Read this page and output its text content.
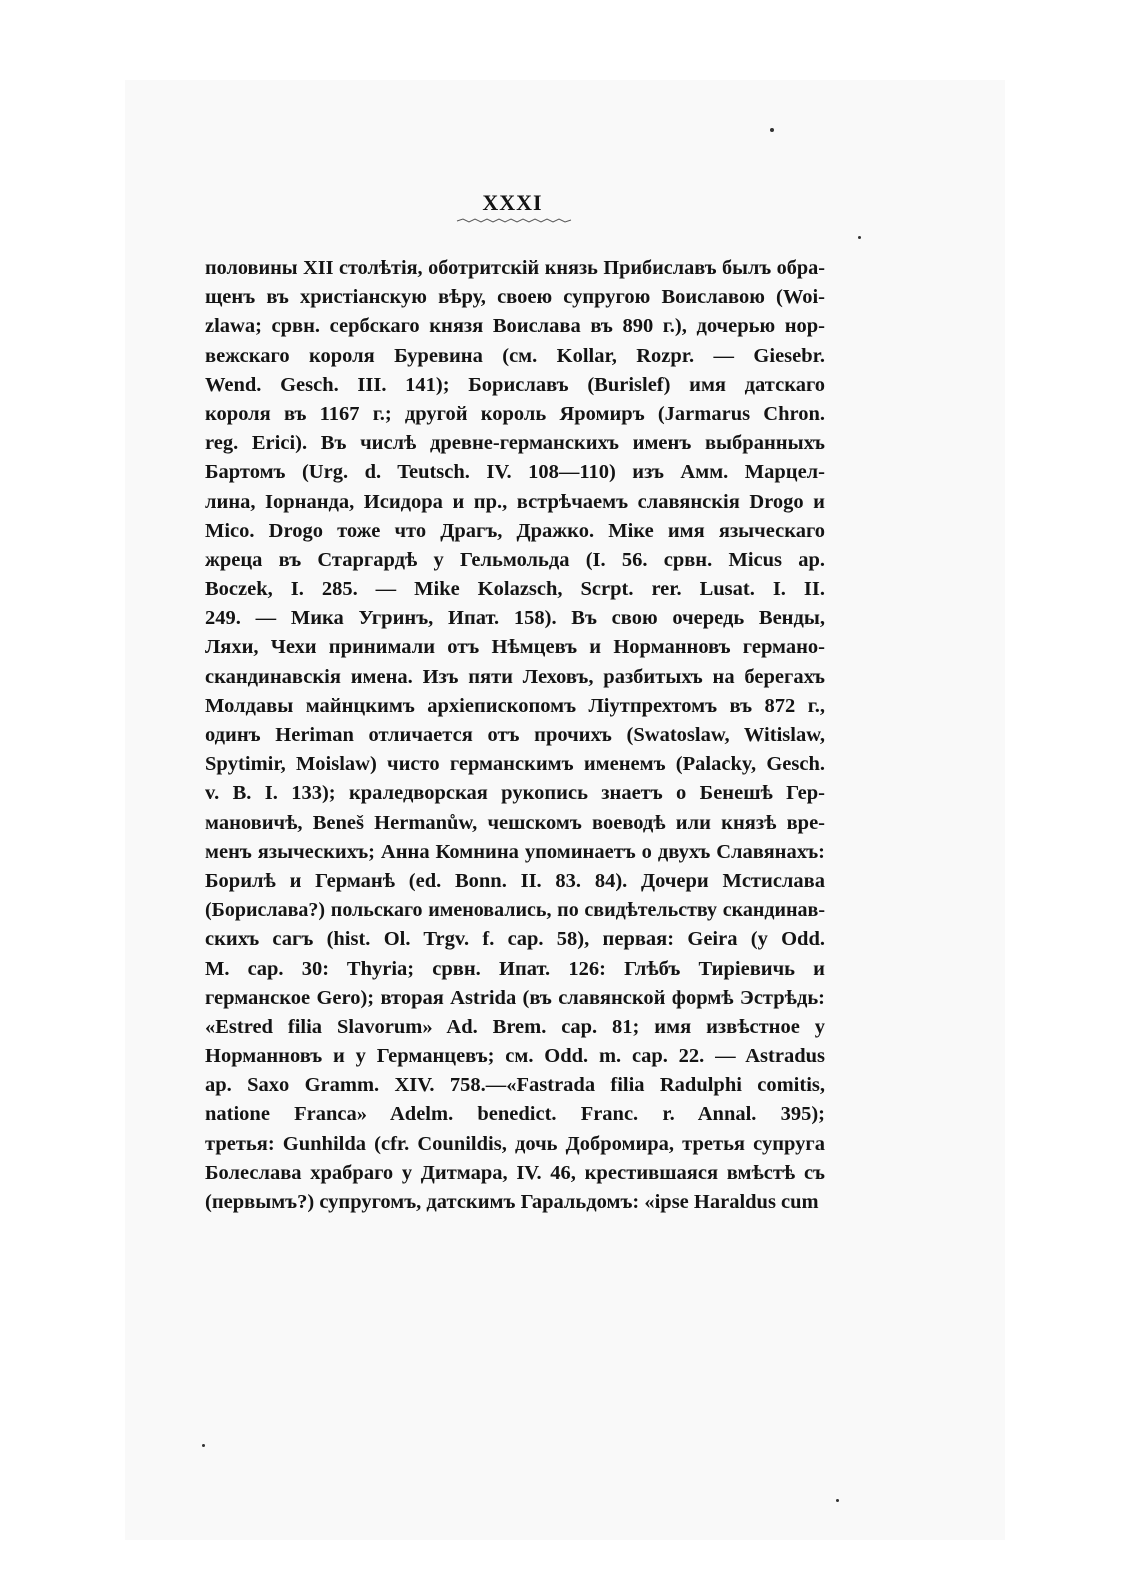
XXXI
половины XII столѣтія, оботритскій князь Прибиславъ былъ обра-
щенъ въ христіанскую вѣру, своею супругою Воиславою (Woi-
zlawa; срвн. сербскаго князя Воислава въ 890 г.), дочерью нор-
вежскаго короля Буревина (см. Kollar, Rozpr. — Giesebr.
Wend. Gesch. III. 141); Бориславъ (Burislef) имя датскаго
короля въ 1167 г.; другой король Яромиръ (Jarmarus Chron.
reg. Erici). Въ числѣ древне-германскихъ именъ выбранныхъ
Бартомъ (Urg. d. Teutsch. IV. 108—110) изъ Амм. Марцел-
лина, Іорнанда, Исидора и пр., встрѣчаемъ славянскія Drogo и
Mico. Drogo тоже что Драгъ, Дражко. Мiке имя языческаго
жреца въ Старгардѣ у Гельмольда (I. 56. срвн. Micus ap.
Boczek, I. 285. — Mike Kolazsch, Scrpt. rer. Lusat. I. II.
249. — Мика Угринъ, Ипат. 158). Въ свою очередь Венды,
Ляхи, Чехи принимали отъ Нѣмцевъ и Норманновъ германо-
скандинавскія имена. Изъ пяти Леховъ, разбитыхъ на берегахъ
Молдавы майнцкимъ архіепископомъ Ліутпрехтомъ въ 872 г.,
одинъ Heriman отличается отъ прочихъ (Swatoslaw, Witislaw,
Spytimir, Moislaw) чисто германскимъ именемъ (Palacky, Gesch.
v. B. I. 133); краледворская рукопись знаетъ о Бенешѣ Гер-
мановичѣ, Beneš Hermanůw, чешскомъ воеводѣ или князѣ вре-
менъ языческихъ; Анна Комнина упоминаетъ о двухъ Славянахъ:
Борилѣ и Германѣ (ed. Bonn. II. 83. 84). Дочери Мстислава
(Борислава?) польскаго именовались, по свидѣтельству скандинав-
скихъ сагъ (hist. Ol. Trgv. f. cap. 58), первая: Geira (у Odd.
M. cap. 30: Thyria; срвн. Ипат. 126: Глѣбъ Тиріевичь и
германское Gero); вторая Astrida (въ славянской формѣ Эстрѣдь:
«Estred filia Slavorum» Ad. Brem. cap. 81; имя извѣстное у
Норманновъ и у Германцевъ; см. Odd. m. cap. 22. — Astradus
ap. Saxo Gramm. XIV. 758.—«Fastrada filia Radulphi comitis,
natione Franca» Adelm. benedict. Franc. r. Annal. 395);
третья: Gunhilda (cfr. Counildis, дочь Добромира, третья супруга
Болеслава храбраго у Дитмара, IV. 46, крестившаяся вмѣстѣ съ
(первымъ?) супругомъ, датскимъ Гаральдомъ: «ipse Haraldus cum
